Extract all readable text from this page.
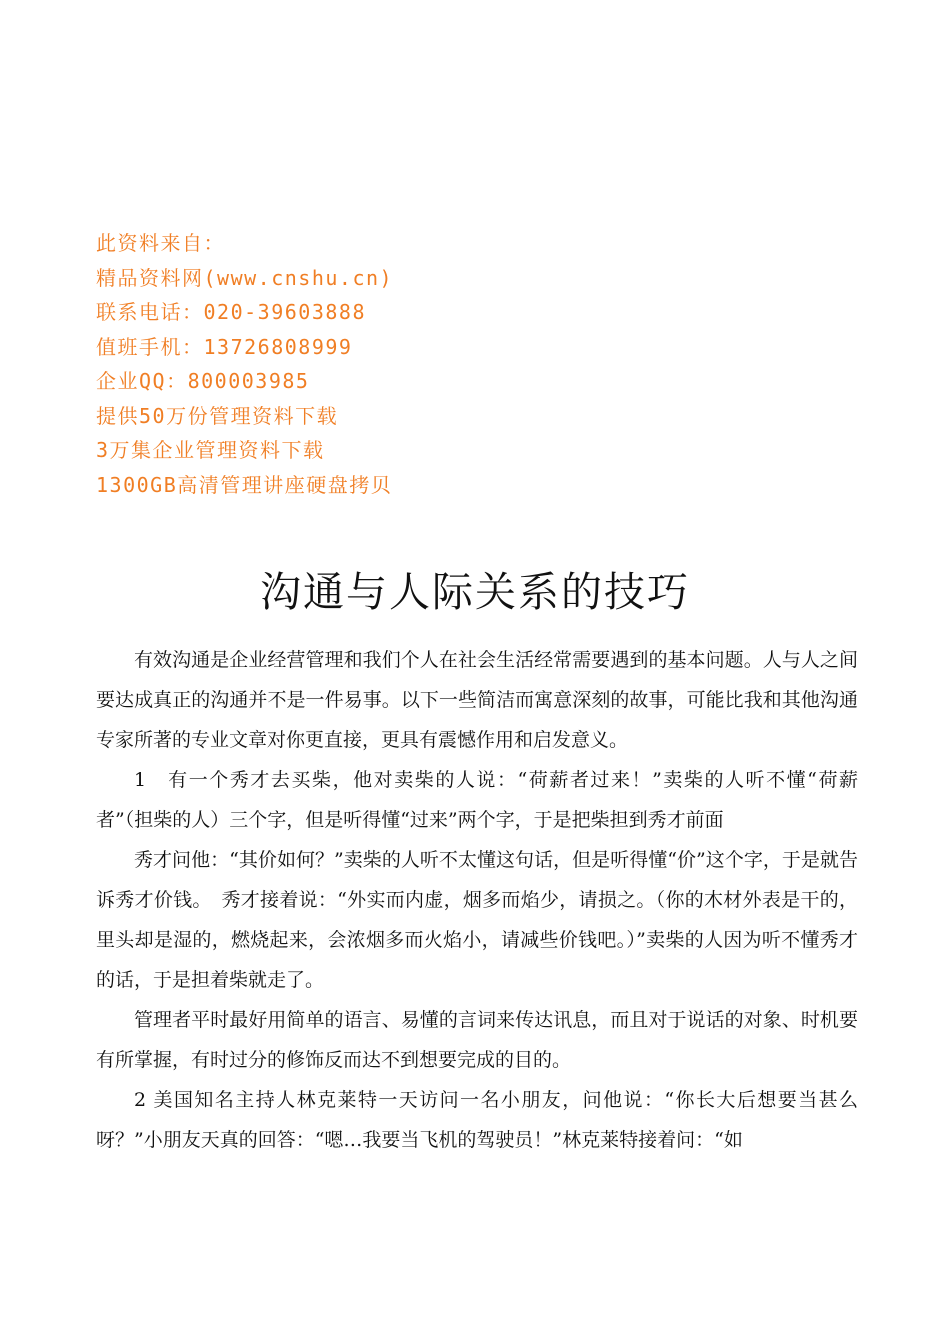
此资料来自：
精品资料网(www.cnshu.cn)
联系电话：020-39603888
值班手机：13726808999
企业QQ：800003985
提供50万份管理资料下载
3万集企业管理资料下载
1300GB高清管理讲座硬盘拷贝
沟通与人际关系的技巧

有效沟通是企业经营管理和我们个人在社会生活经常需要遇到的基本问题。人与人之间要达成真正的沟通并不是一件易事。以下一些简洁而寓意深刻的故事，可能比我和其他沟通专家所著的专业文章对你更直接，更具有震憾作用和启发意义。

1　有一个秀才去买柴，他对卖柴的人说：“荷薪者过来！”卖柴的人听不懂“荷薪者”（担柴的人）三个字，但是听得懂“过来”两个字，于是把柴担到秀才前面

秀才问他：“其价如何？”卖柴的人听不太懂这句话，但是听得懂“价”这个字，于是就告诉秀才价钱。　秀才接着说：“外实而内虚，烟多而焰少，请损之。（你的木材外表是干的，里头却是湿的，燃烧起来，会浓烟多而火焰小，请减些价钱吧。）”卖柴的人因为听不懂秀才的话，于是担着柴就走了。

管理者平时最好用简单的语言、易懂的言词来传达讯息，而且对于说话的对象、时机要有所掌握，有时过分的修饰反而达不到想要完成的目的。

2 美国知名主持人林克莱特一天访问一名小朋友，问他说：“你长大后想要当甚么呀？”小朋友天真的回答：“嗯…我要当飞机的驾驶员！”林克莱特接着问：“如
